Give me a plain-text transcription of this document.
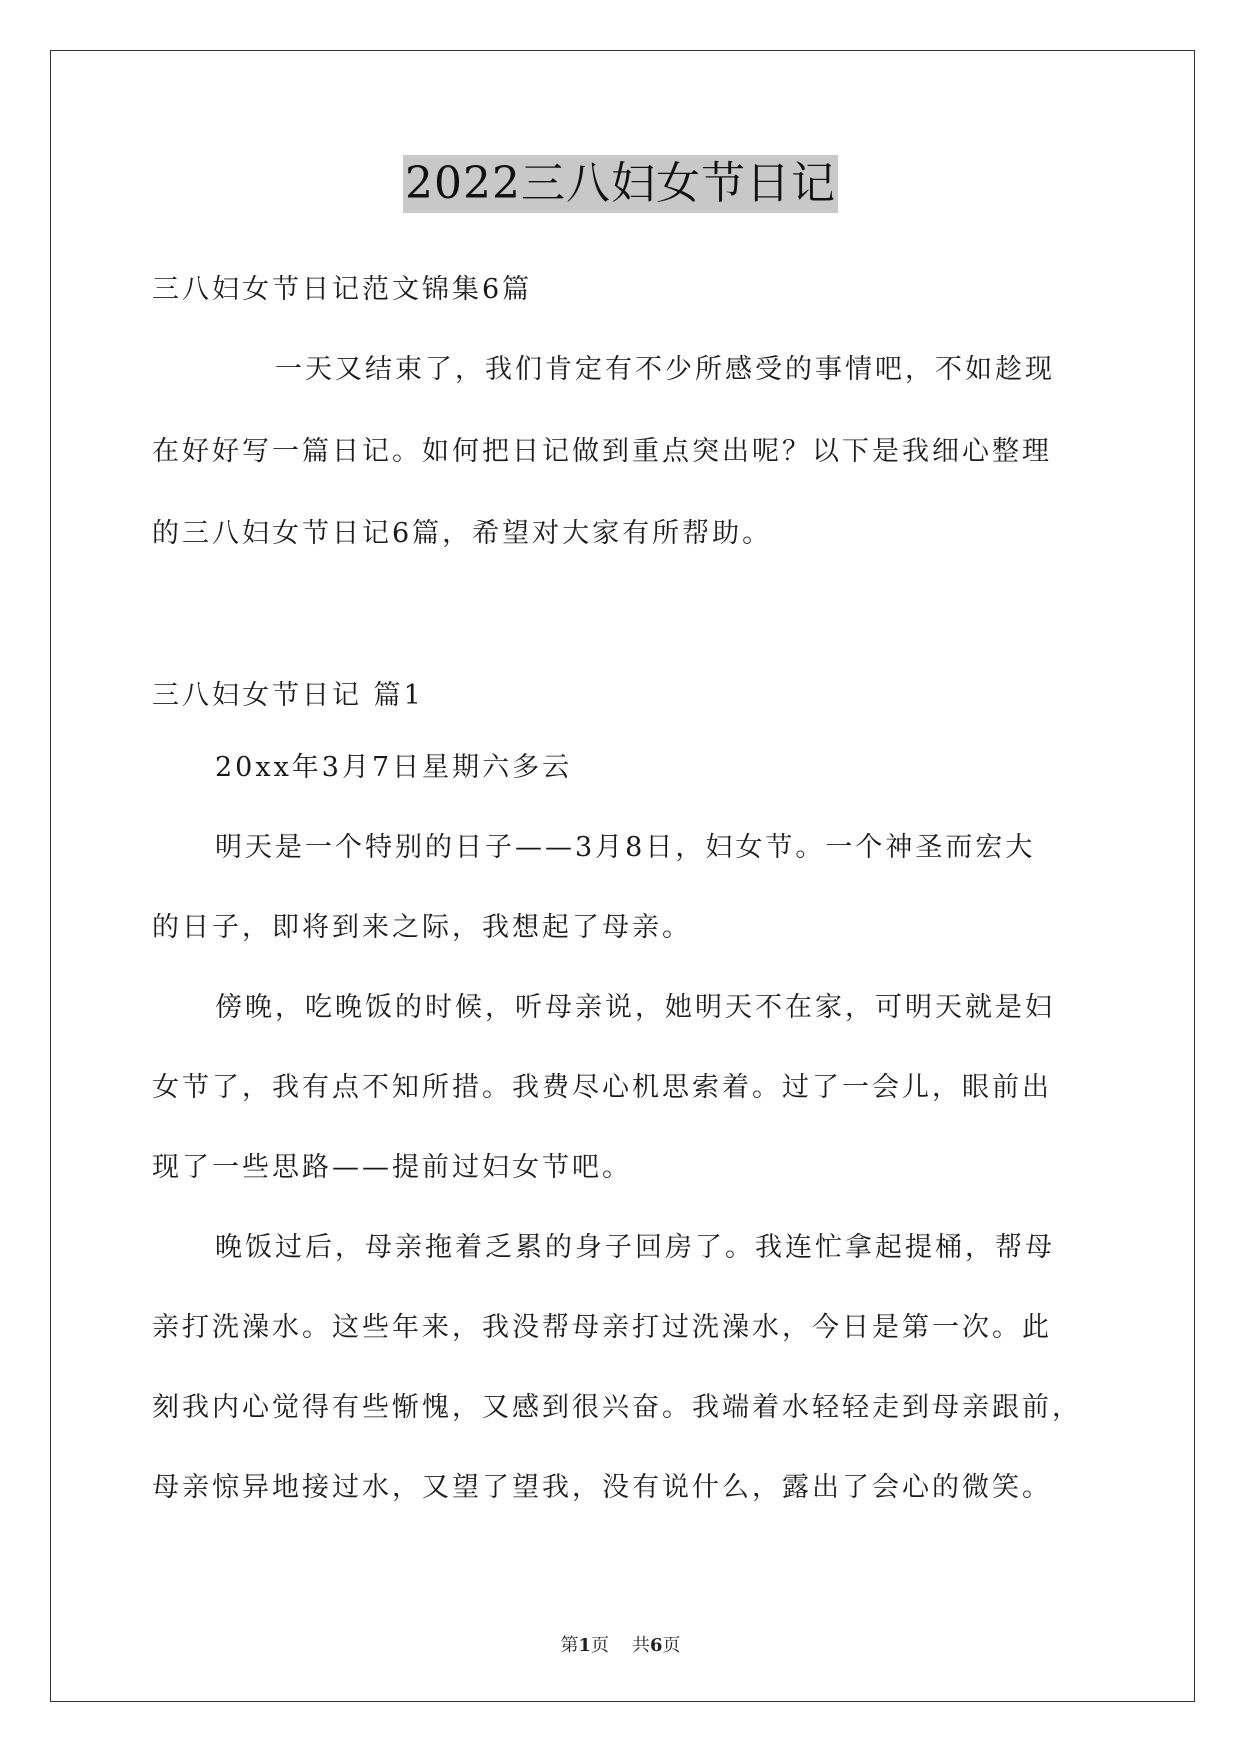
2022三八妇女节日记
三八妇女节日记范文锦集6篇
一天又结束了，我们肯定有不少所感受的事情吧，不如趁现
在好好写一篇日记。如何把日记做到重点突出呢？以下是我细心整理
的三八妇女节日记6篇，希望对大家有所帮助。
三八妇女节日记 篇1
20xx年3月7日星期六多云
明天是一个特别的日子——3月8日，妇女节。一个神圣而宏大
的日子，即将到来之际，我想起了母亲。
傍晚，吃晚饭的时候，听母亲说，她明天不在家，可明天就是妇
女节了，我有点不知所措。我费尽心机思索着。过了一会儿，眼前出
现了一些思路——提前过妇女节吧。
晚饭过后，母亲拖着乏累的身子回房了。我连忙拿起提桶，帮母
亲打洗澡水。这些年来，我没帮母亲打过洗澡水，今日是第一次。此
刻我内心觉得有些惭愧，又感到很兴奋。我端着水轻轻走到母亲跟前，
母亲惊异地接过水，又望了望我，没有说什么，露出了会心的微笑。
第1页 共6页
